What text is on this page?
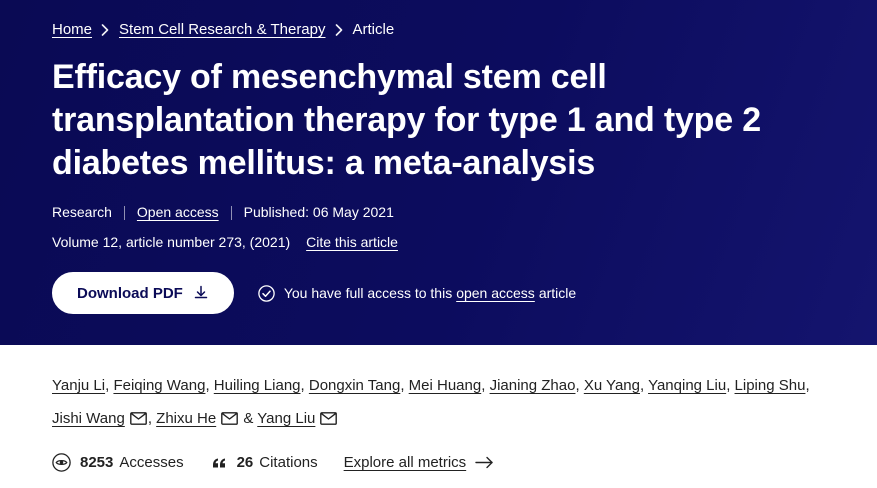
Home Stem Cell Research & Therapy Article
Efficacy of mesenchymal stem cell transplantation therapy for type 1 and type 2 diabetes mellitus: a meta-analysis
Research Open access Published: 06 May 2021
Volume 12, article number 273, (2021) Cite this article
Download PDF	You have full access to this open access article
Yanju Li, Feiqing Wang, Huiling Liang, Dongxin Tang, Mei Huang, Jianing Zhao, Xu Yang, Yanqing Liu, Liping Shu, Jishi Wang , Zhixu He
& Yang Liu
8253 Accesses	26 Citations Explore all metrics
